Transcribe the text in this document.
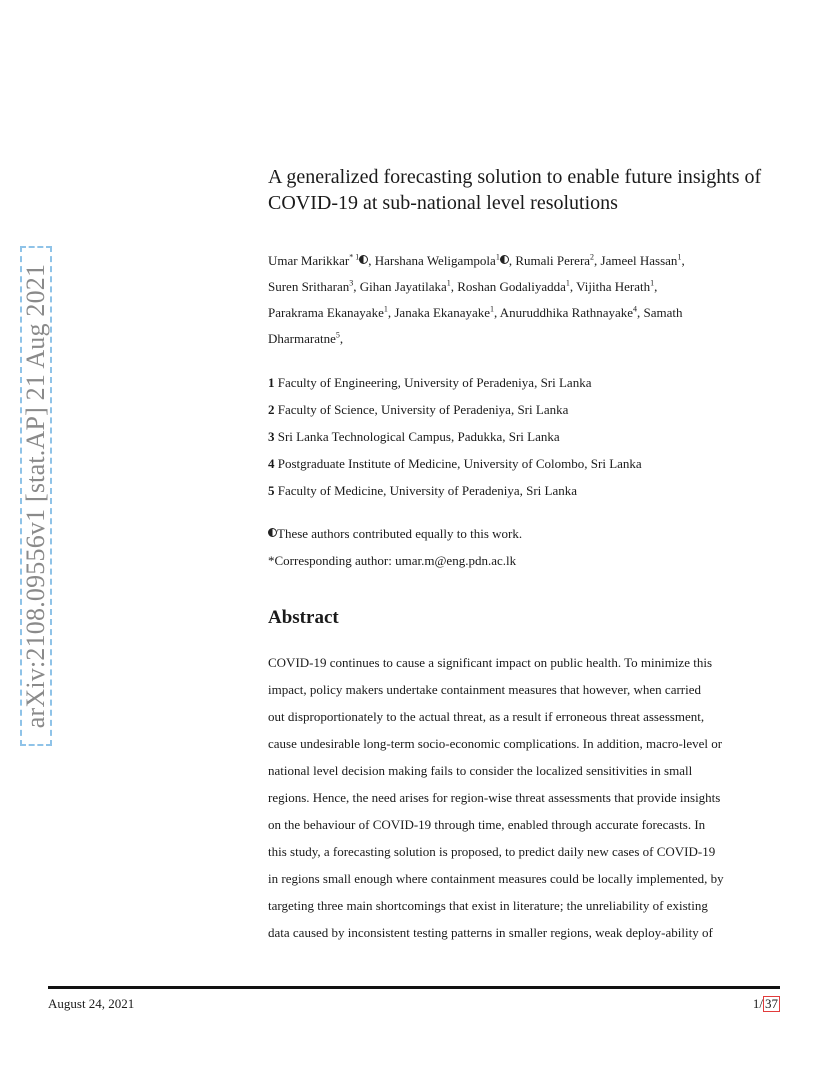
arXiv:2108.09556v1 [stat.AP] 21 Aug 2021
A generalized forecasting solution to enable future insights of COVID-19 at sub-national level resolutions

Umar Marikkar$^{* 1}$ , Harshana Weligampola$^1$ , Rumali Perera$^2$, Jameel Hassan$^1$,
Suren Sritharan$^3$, Gihan Jayatilaka$^1$, Roshan Godaliyadda$^1$, Vijitha Herath$^1$,
Parakrama Ekanayake$^1$, Janaka Ekanayake$^1$, Anuruddhika Rathnayake$^4$, Samath
Dharmaratne$^5$,

1 Faculty of Engineering, University of Peradeniya, Sri Lanka

2 Faculty of Science, University of Peradeniya, Sri Lanka

3 Sri Lanka Technological Campus, Padukka, Sri Lanka

4 Postgraduate Institute of Medicine, University of Colombo, Sri Lanka

5 Faculty of Medicine, University of Peradeniya, Sri Lanka

These authors contributed equally to this work.

*Corresponding author: umar.m@eng.pdn.ac.lk

Abstract
COVID-19 continues to cause a significant impact on public health. To minimize this
impact, policy makers undertake containment measures that however, when carried
out disproportionately to the actual threat, as a result if erroneous threat assessment,
cause undesirable long-term socio-economic complications. In addition, macro-level or
national level decision making fails to consider the localized sensitivities in small
regions. Hence, the need arises for region-wise threat assessments that provide insights
on the behaviour of COVID-19 through time, enabled through accurate forecasts. In
this study, a forecasting solution is proposed, to predict daily new cases of COVID-19
in regions small enough where containment measures could be locally implemented, by
targeting three main shortcomings that exist in literature; the unreliability of existing
data caused by inconsistent testing patterns in smaller regions, weak deploy-ability of
August 24, 2021	1/ 37
